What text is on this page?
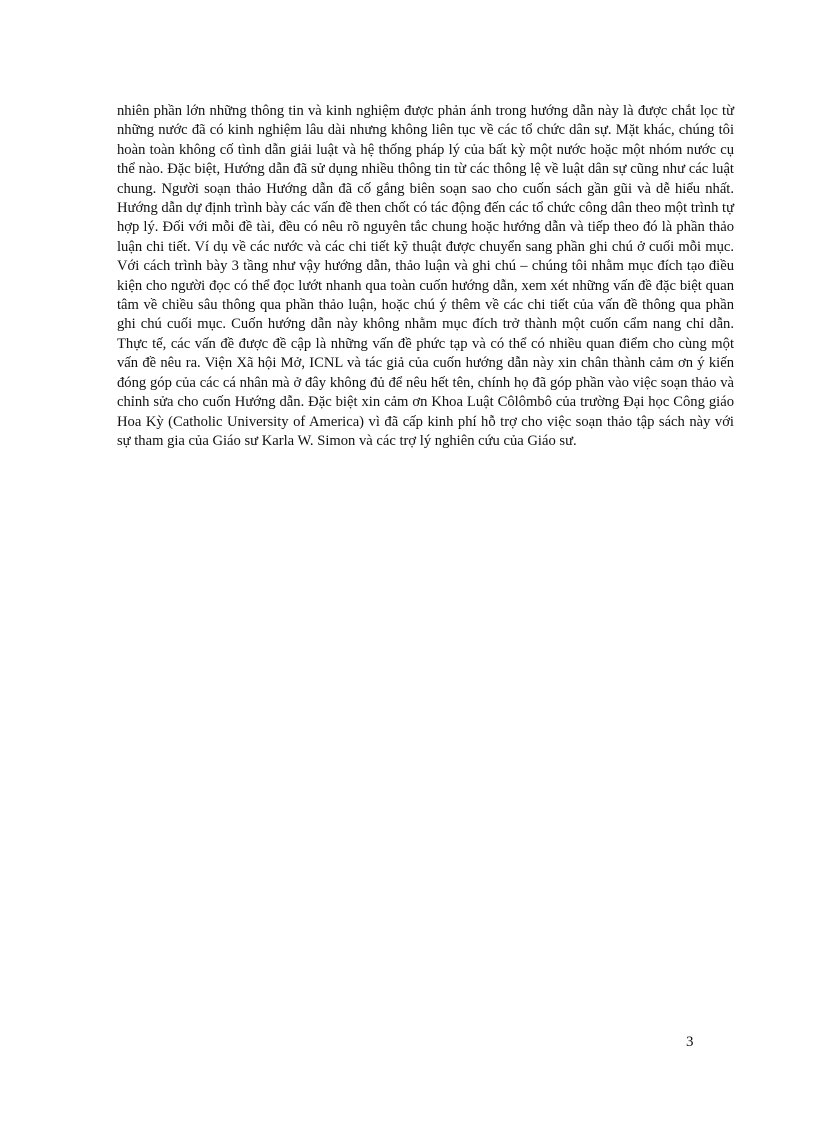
nhiên phần lớn những thông tin và kinh nghiệm được phản ánh trong hướng dẫn này là được chắt lọc từ những nước đã có kinh nghiệm lâu dài nhưng không liên tục về các tổ chức dân sự. Mặt khác, chúng tôi hoàn toàn không cố tình dẫn giải luật và hệ thống pháp lý của bất kỳ một nước hoặc một nhóm nước cụ thể nào. Đặc biệt, Hướng dẫn đã sử dụng nhiều thông tin từ các thông lệ về luật dân sự cũng như các luật chung. Người soạn thảo Hướng dẫn đã cố gắng biên soạn sao cho cuốn sách gần gũi và dễ hiểu nhất. Hướng dẫn dự định trình bày các vấn đề then chốt có tác động đến các tổ chức công dân theo một trình tự hợp lý. Đối với mỗi đề tài, đều có nêu rõ nguyên tắc chung hoặc hướng dẫn và tiếp theo đó là phần thảo luận chi tiết. Ví dụ về các nước và các chi tiết kỹ thuật được chuyển sang phần ghi chú ở cuối mỗi mục. Với cách trình bày 3 tầng như vậy hướng dẫn, thảo luận và ghi chú – chúng tôi nhằm mục đích tạo điều kiện cho người đọc có thể đọc lướt nhanh qua toàn cuốn hướng dẫn, xem xét những vấn đề đặc biệt quan tâm về chiều sâu thông qua phần thảo luận, hoặc chú ý thêm về các chi tiết của vấn đề thông qua phần ghi chú cuối mục. Cuốn hướng dẫn này không nhằm mục đích trở thành một cuốn cẩm nang chỉ dẫn. Thực tế, các vấn đề được đề cập là những vấn đề phức tạp và có thể có nhiều quan điểm cho cùng một vấn đề nêu ra. Viện Xã hội Mở, ICNL và tác giả của cuốn hướng dẫn này xin chân thành cảm ơn ý kiến đóng góp của các cá nhân mà ở đây không đủ để nêu hết tên, chính họ đã góp phần vào việc soạn thảo và chỉnh sửa cho cuốn Hướng dẫn. Đặc biệt xin cảm ơn Khoa Luật Côlômbô của trường Đại học Công giáo Hoa Kỳ (Catholic University of America) vì đã cấp kinh phí hỗ trợ cho việc soạn thảo tập sách này với sự tham gia của Giáo sư Karla W. Simon và các trợ lý nghiên cứu của Giáo sư.

3
